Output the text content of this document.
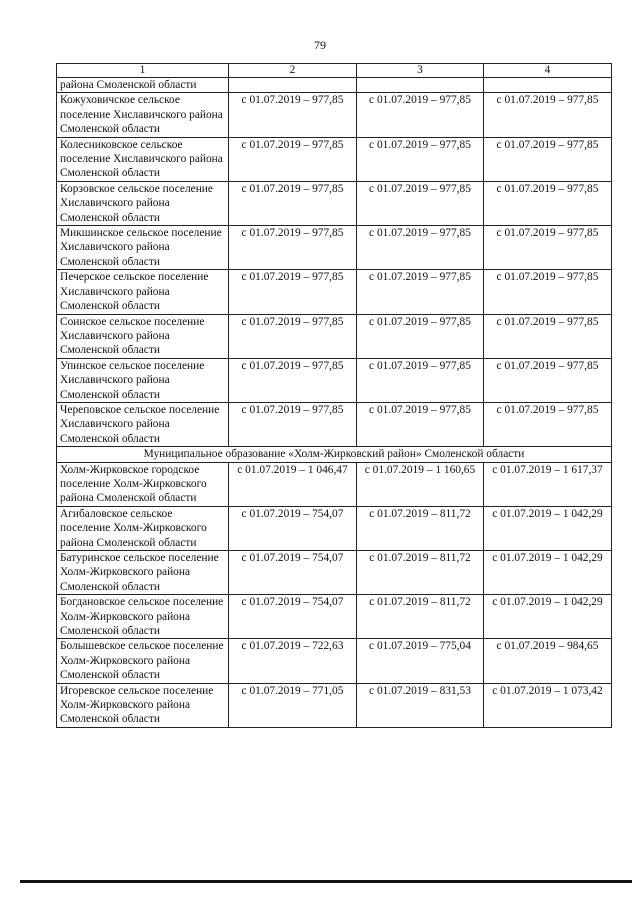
79
1	2	3	4
района Смоленской области			
Кожуховичское сельское поселение Хиславичского района Смоленской области	с 01.07.2019 – 977,85	с 01.07.2019 – 977,85	с 01.07.2019 – 977,85
Колесниковское сельское поселение Хиславичского района Смоленской области	с 01.07.2019 – 977,85	с 01.07.2019 – 977,85	с 01.07.2019 – 977,85
Корзовское сельское поселение Хиславичского района Смоленской области	с 01.07.2019 – 977,85	с 01.07.2019 – 977,85	с 01.07.2019 – 977,85
Микшинское сельское поселение Хиславичского района Смоленской области	с 01.07.2019 – 977,85	с 01.07.2019 – 977,85	с 01.07.2019 – 977,85
Печерское сельское поселение Хиславичского района Смоленской области	с 01.07.2019 – 977,85	с 01.07.2019 – 977,85	с 01.07.2019 – 977,85
Соинское сельское поселение Хиславичского района Смоленской области	с 01.07.2019 – 977,85	с 01.07.2019 – 977,85	с 01.07.2019 – 977,85
Упинское сельское поселение Хиславичского района Смоленской области	с 01.07.2019 – 977,85	с 01.07.2019 – 977,85	с 01.07.2019 – 977,85
Череповское сельское поселение Хиславичского района Смоленской области	с 01.07.2019 – 977,85	с 01.07.2019 – 977,85	с 01.07.2019 – 977,85
Муниципальное образование «Холм-Жирковский район» Смоленской области			
Холм-Жирковское городское поселение Холм-Жирковского района Смоленской области	с 01.07.2019 – 1 046,47	с 01.07.2019 – 1 160,65	с 01.07.2019 – 1 617,37
Агибаловское сельское поселение Холм-Жирковского района Смоленской области	с 01.07.2019 – 754,07	с 01.07.2019 – 811,72	с 01.07.2019 – 1 042,29
Батуринское сельское поселение Холм-Жирковского района Смоленской области	с 01.07.2019 – 754,07	с 01.07.2019 – 811,72	с 01.07.2019 – 1 042,29
Богдановское сельское поселение Холм-Жирковского района Смоленской области	с 01.07.2019 – 754,07	с 01.07.2019 – 811,72	с 01.07.2019 – 1 042,29
Болышевское сельское поселение Холм-Жирковского района Смоленской области	с 01.07.2019 – 722,63	с 01.07.2019 – 775,04	с 01.07.2019 – 984,65
Игоревское сельское поселение Холм-Жирковского района Смоленской области	с 01.07.2019 – 771,05	с 01.07.2019 – 831,53	с 01.07.2019 – 1 073,42
